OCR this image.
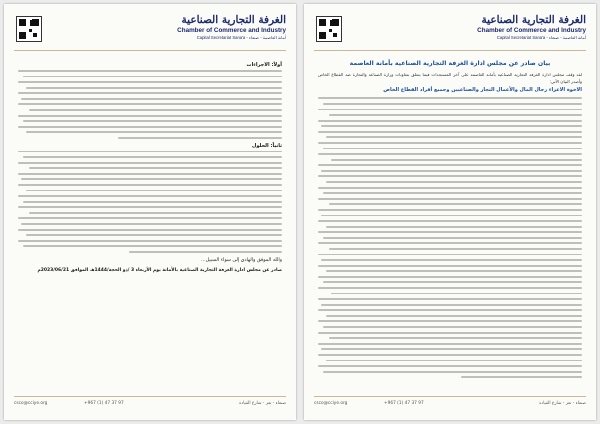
الغرفة التجارية الصناعية
Chamber of Commerce and Industry
Capital Secretariat Sana'a - أمانة العاصمة - صنعاء
بيان صادر عن مجلس ادارة الغرفة التجارية الصناعية بأمانة العاصمة
لقد وقف مجلس ادارة الغرفة التجارية الصناعية بأمانة العاصمة على آخر المستجدات فيما يتعلق بتعاونات وزارة الصناعة والتجارة ضد القطاع الخاص وأصدر البيان الآتي:
الاخوة الاعزاء رجال المال والأعمال التجار والصناعيين وجميع أفراد القطاع الخاص
csco@cciye.org	+967 (1) 47 37 97	صنعاء - تعز - شارع القيادة
الغرفة التجارية الصناعية
Chamber of Commerce and Industry
Capital Secretariat Sana'a - أمانة العاصمة - صنعاء
أولاً: الاجراءات
ثانياً: الحلول
والله الموفق والهادي إلى سواء السبيل...
صادر عن مجلس ادارة الغرفة التجارية الصناعية بالأمانة يوم الأربعاء 3 /ذو الحجة/1444هـ الموافق 2023/06/21م
csco@cciye.org	+967 (1) 47 37 97	صنعاء - تعز - شارع القيادة
